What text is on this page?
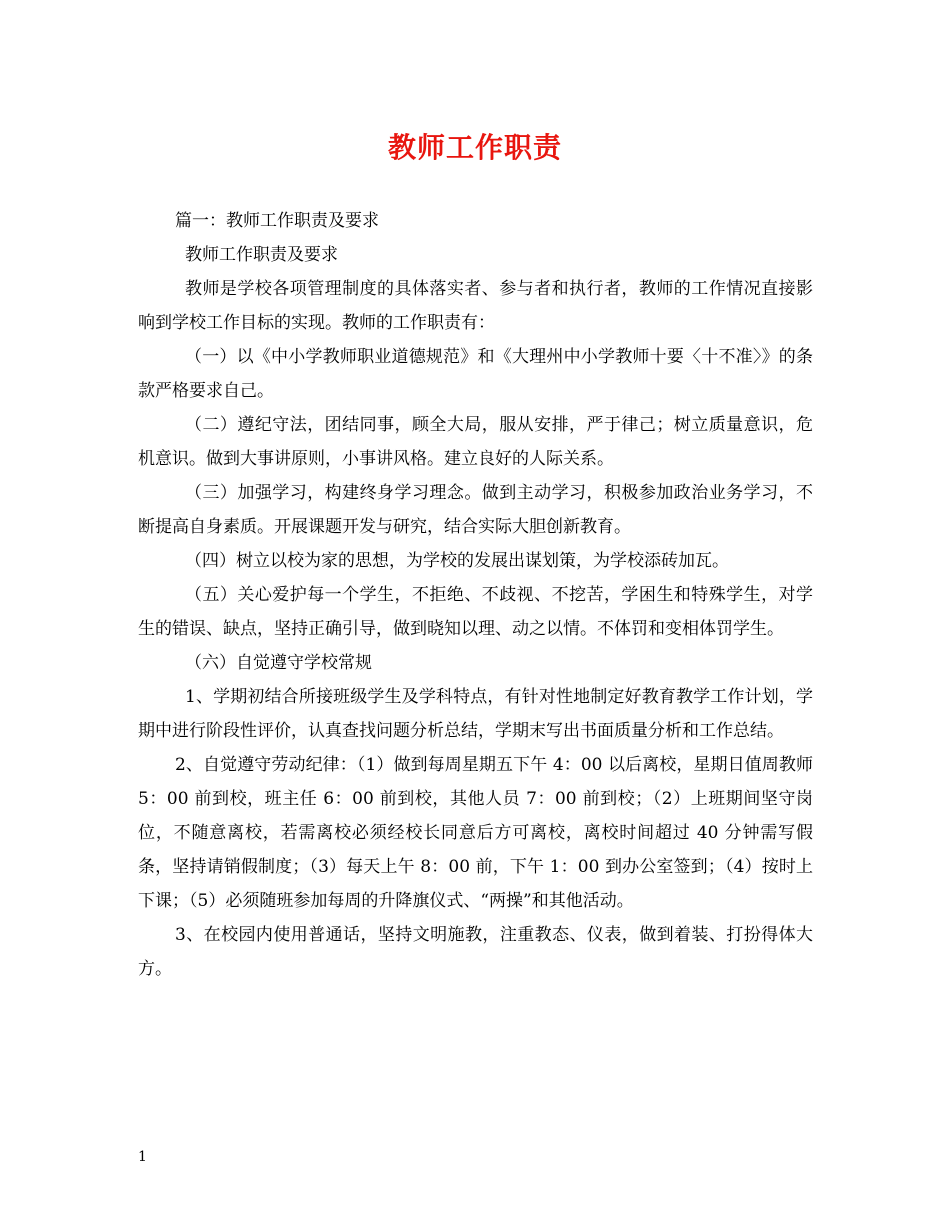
教师工作职责

篇一：教师工作职责及要求

教师工作职责及要求

教师是学校各项管理制度的具体落实者、参与者和执行者，教师的工作情况直接影响到学校工作目标的实现。教师的工作职责有：

（一）以《中小学教师职业道德规范》和《大理州中小学教师十要〈十不准〉》的条款严格要求自己。

（二）遵纪守法，团结同事，顾全大局，服从安排，严于律己；树立质量意识，危机意识。做到大事讲原则，小事讲风格。建立良好的人际关系。

（三）加强学习，构建终身学习理念。做到主动学习，积极参加政治业务学习，不断提高自身素质。开展课题开发与研究，结合实际大胆创新教育。

（四）树立以校为家的思想，为学校的发展出谋划策，为学校添砖加瓦。

（五）关心爱护每一个学生，不拒绝、不歧视、不挖苦，学困生和特殊学生，对学生的错误、缺点，坚持正确引导，做到晓知以理、动之以情。不体罚和变相体罚学生。

（六）自觉遵守学校常规

1、学期初结合所接班级学生及学科特点，有针对性地制定好教育教学工作计划，学期中进行阶段性评价，认真查找问题分析总结，学期末写出书面质量分析和工作总结。

2、自觉遵守劳动纪律：（1）做到每周星期五下午 4：00 以后离校，星期日值周教师 5：00 前到校，班主任 6：00 前到校，其他人员 7：00 前到校；（2）上班期间坚守岗位，不随意离校，若需离校必须经校长同意后方可离校，离校时间超过 40 分钟需写假条，坚持请销假制度；（3）每天上午 8：00 前，下午 1：00 到办公室签到；（4）按时上下课；（5）必须随班参加每周的升降旗仪式、“两操”和其他活动。

3、在校园内使用普通话，坚持文明施教，注重教态、仪表，做到着装、打扮得体大方。

1
